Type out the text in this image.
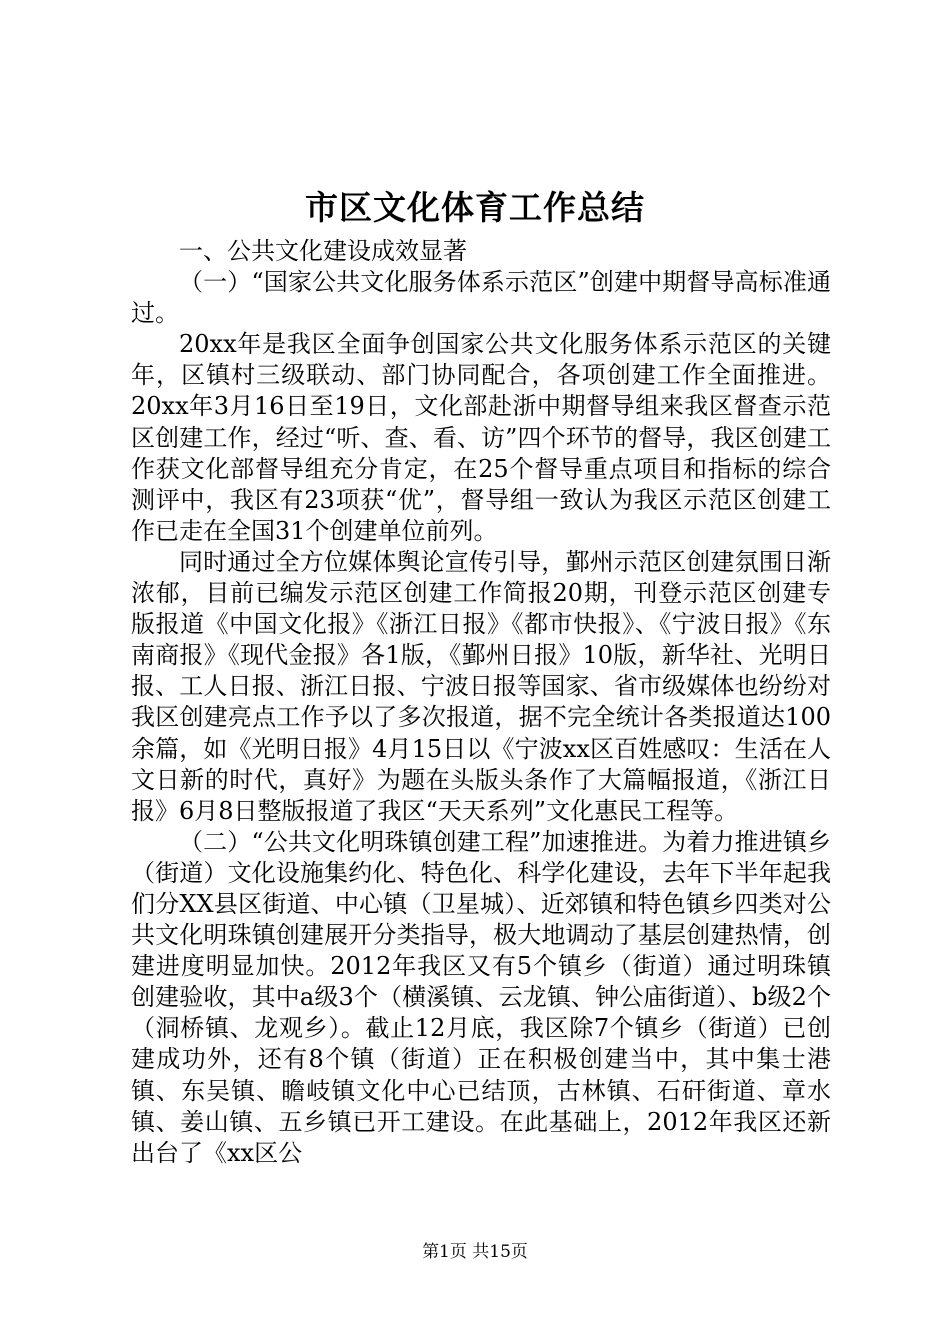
市区文化体育工作总结

一、公共文化建设成效显著

（一）“国家公共文化服务体系示范区”创建中期督导高标准通过。

20xx年是我区全面争创国家公共文化服务体系示范区的关键年，区镇村三级联动、部门协同配合，各项创建工作全面推进。20xx年3月16日至19日，文化部赴浙中期督导组来我区督查示范区创建工作，经过“听、查、看、访”四个环节的督导，我区创建工作获文化部督导组充分肯定，在25个督导重点项目和指标的综合测评中，我区有23项获“优”，督导组一致认为我区示范区创建工作已走在全国31个创建单位前列。

同时通过全方位媒体舆论宣传引导，鄞州示范区创建氛围日渐浓郁，目前已编发示范区创建工作简报20期，刊登示范区创建专版报道《中国文化报》《浙江日报》《都市快报》、《宁波日报》《东南商报》《现代金报》各1版，《鄞州日报》10版，新华社、光明日报、工人日报、浙江日报、宁波日报等国家、省市级媒体也纷纷对我区创建亮点工作予以了多次报道，据不完全统计各类报道达100余篇，如《光明日报》4月15日以《宁波xx区百姓感叹：生活在人文日新的时代，真好》为题在头版头条作了大篇幅报道，《浙江日报》6月8日整版报道了我区“天天系列”文化惠民工程等。

（二）“公共文化明珠镇创建工程”加速推进。为着力推进镇乡（街道）文化设施集约化、特色化、科学化建设，去年下半年起我们分XX县区街道、中心镇（卫星城）、近郊镇和特色镇乡四类对公共文化明珠镇创建展开分类指导，极大地调动了基层创建热情，创建进度明显加快。2012年我区又有5个镇乡（街道）通过明珠镇创建验收，其中a级3个（横溪镇、云龙镇、钟公庙街道）、b级2个（洞桥镇、龙观乡）。截止12月底，我区除7个镇乡（街道）已创建成功外，还有8个镇（街道）正在积极创建当中，其中集士港镇、东吴镇、瞻岐镇文化中心已结顶，古林镇、石矸街道、章水镇、姜山镇、五乡镇已开工建设。在此基础上，2012年我区还新出台了《xx区公

第1页 共15页
